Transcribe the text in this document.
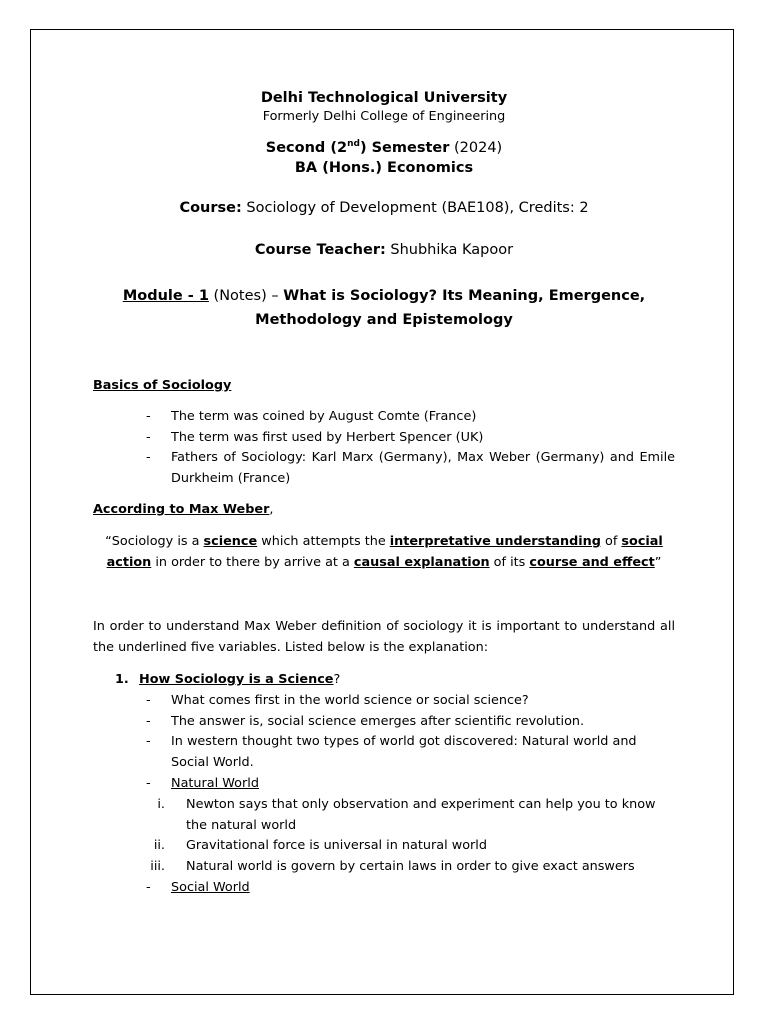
Delhi Technological University
Formerly Delhi College of Engineering
Second (2nd) Semester (2024)
BA (Hons.) Economics
Course: Sociology of Development (BAE108), Credits: 2
Course Teacher: Shubhika Kapoor
Module - 1 (Notes) – What is Sociology? Its Meaning, Emergence,
Methodology and Epistemology
Basics of Sociology
- The term was coined by August Comte (France)
- The term was first used by Herbert Spencer (UK)
- Fathers of Sociology: Karl Marx (Germany), Max Weber (Germany) and Emile Durkheim (France)
According to Max Weber,
“Sociology is a science which attempts the interpretative understanding of social action in order to there by arrive at a causal explanation of its course and effect”
In order to understand Max Weber definition of sociology it is important to understand all the underlined five variables. Listed below is the explanation:
1. How Sociology is a Science?
- What comes first in the world science or social science?
- The answer is, social science emerges after scientific revolution.
- In western thought two types of world got discovered: Natural world and Social World.
- Natural World
i. Newton says that only observation and experiment can help you to know the natural world
ii. Gravitational force is universal in natural world
iii. Natural world is govern by certain laws in order to give exact answers
- Social World
